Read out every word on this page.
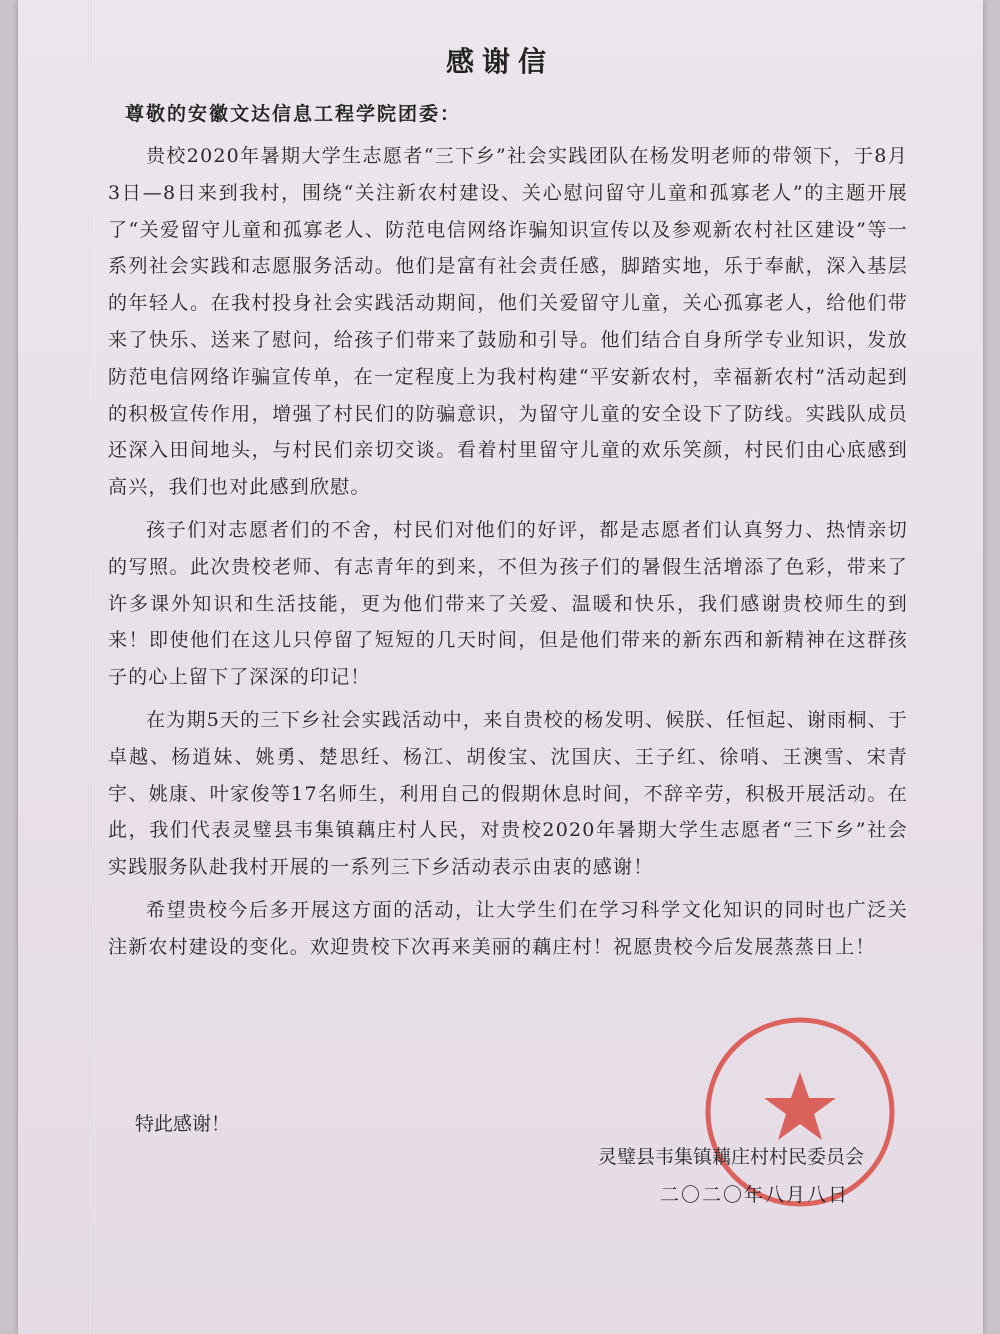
感谢信
尊敬的安徽文达信息工程学院团委：

贵校2020年暑期大学生志愿者“三下乡”社会实践团队在杨发明老师的带领下，于8月3日—8日来到我村，围绕“关注新农村建设、关心慰问留守儿童和孤寡老人”的主题开展了“关爱留守儿童和孤寡老人、防范电信网络诈骗知识宣传以及参观新农村社区建设”等一系列社会实践和志愿服务活动。他们是富有社会责任感，脚踏实地，乐于奉献，深入基层的年轻人。在我村投身社会实践活动期间，他们关爱留守儿童，关心孤寡老人，给他们带来了快乐、送来了慰问，给孩子们带来了鼓励和引导。他们结合自身所学专业知识，发放防范电信网络诈骗宣传单，在一定程度上为我村构建“平安新农村，幸福新农村”活动起到的积极宣传作用，增强了村民们的防骗意识，为留守儿童的安全设下了防线。实践队成员还深入田间地头，与村民们亲切交谈。看着村里留守儿童的欢乐笑颜，村民们由心底感到高兴，我们也对此感到欣慰。

孩子们对志愿者们的不舍，村民们对他们的好评，都是志愿者们认真努力、热情亲切的写照。此次贵校老师、有志青年的到来，不但为孩子们的暑假生活增添了色彩，带来了许多课外知识和生活技能，更为他们带来了关爱、温暖和快乐，我们感谢贵校师生的到来！即使他们在这儿只停留了短短的几天时间，但是他们带来的新东西和新精神在这群孩子的心上留下了深深的印记！

在为期5天的三下乡社会实践活动中，来自贵校的杨发明、候朕、任恒起、谢雨桐、于卓越、杨逍妹、姚勇、楚思纴、杨江、胡俊宝、沈国庆、王子红、徐哨、王澳雪、宋青宇、姚康、叶家俊等17名师生，利用自己的假期休息时间，不辞辛劳，积极开展活动。在此，我们代表灵璧县韦集镇藕庄村人民，对贵校2020年暑期大学生志愿者“三下乡”社会实践服务队赴我村开展的一系列三下乡活动表示由衷的感谢！

希望贵校今后多开展这方面的活动，让大学生们在学习科学文化知识的同时也广泛关注新农村建设的变化。欢迎贵校下次再来美丽的藕庄村！祝愿贵校今后发展蒸蒸日上！

特此感谢！
灵璧县韦集镇藕庄村村民委员会
二〇二〇年八月八日
